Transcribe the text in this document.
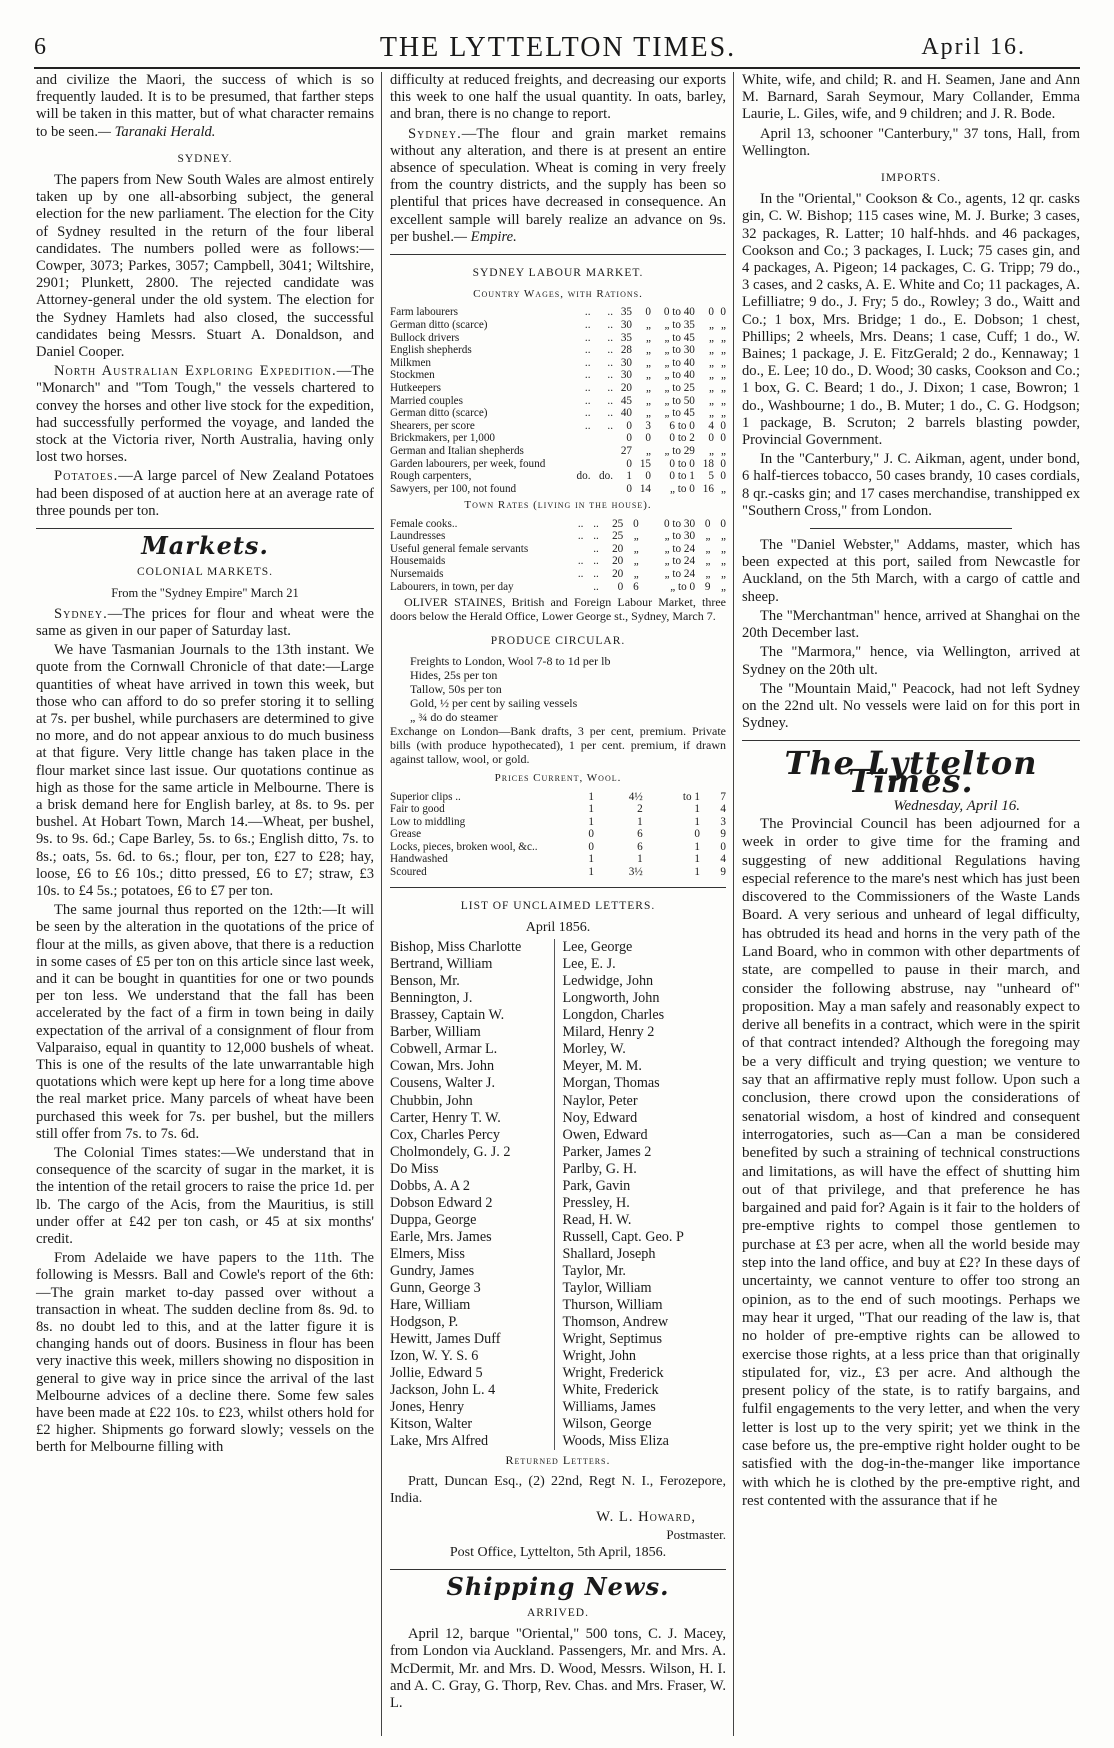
6	THE LYTTELTON TIMES.	April 16.

and civilize the Maori, the success of which is so frequently lauded. It is to be presumed, that farther steps will be taken in this matter, but of what character remains to be seen.— Taranaki Herald.

SYDNEY.

The papers from New South Wales are almost entirely taken up by one all-absorbing subject, the general election for the new parliament. The election for the City of Sydney resulted in the return of the four liberal candidates. The numbers polled were as follows:—Cowper, 3073; Parkes, 3057; Campbell, 3041; Wiltshire, 2901; Plunkett, 2800. The rejected candidate was Attorney-general under the old system. The election for the Sydney Hamlets had also closed, the successful candidates being Messrs. Stuart A. Donaldson, and Daniel Cooper.

North Australian Exploring Expedition.—The "Monarch" and "Tom Tough," the vessels chartered to convey the horses and other live stock for the expedition, had successfully performed the voyage, and landed the stock at the Victoria river, North Australia, having only lost two horses.

Potatoes.—A large parcel of New Zealand Potatoes had been disposed of at auction here at an average rate of three pounds per ton.

Markets.
COLONIAL MARKETS.
From the "Sydney Empire" March 21

Sydney.—The prices for flour and wheat were the same as given in our paper of Saturday last.

We have Tasmanian Journals to the 13th instant. We quote from the Cornwall Chronicle of that date:—Large quantities of wheat have arrived in town this week, but those who can afford to do so prefer storing it to selling at 7s. per bushel, while purchasers are determined to give no more, and do not appear anxious to do much business at that figure. Very little change has taken place in the flour market since last issue. Our quotations continue as high as those for the same article in Melbourne. There is a brisk demand here for English barley, at 8s. to 9s. per bushel. At Hobart Town, March 14.—Wheat, per bushel, 9s. to 9s. 6d.; Cape Barley, 5s. to 6s.; English ditto, 7s. to 8s.; oats, 5s. 6d. to 6s.; flour, per ton, £27 to £28; hay, loose, £6 to £6 10s.; ditto pressed, £6 to £7; straw, £3 10s. to £4 5s.; potatoes, £6 to £7 per ton.

The same journal thus reported on the 12th:—It will be seen by the alteration in the quotations of the price of flour at the mills, as given above, that there is a reduction in some cases of £5 per ton on this article since last week, and it can be bought in quantities for one or two pounds per ton less. We understand that the fall has been accelerated by the fact of a firm in town being in daily expectation of the arrival of a consignment of flour from Valparaiso, equal in quantity to 12,000 bushels of wheat. This is one of the results of the late unwarrantable high quotations which were kept up here for a long time above the real market price. Many parcels of wheat have been purchased this week for 7s. per bushel, but the millers still offer from 7s. to 7s. 6d.

The Colonial Times states:—We understand that in consequence of the scarcity of sugar in the market, it is the intention of the retail grocers to raise the price 1d. per lb. The cargo of the Acis, from the Mauritius, is still under offer at £42 per ton cash, or 45 at six months' credit.

From Adelaide we have papers to the 11th. The following is Messrs. Ball and Cowle's report of the 6th:—The grain market to-day passed over without a transaction in wheat. The sudden decline from 8s. 9d. to 8s. no doubt led to this, and at the latter figure it is changing hands out of doors. Business in flour has been very inactive this week, millers showing no disposition in general to give way in price since the arrival of the last Melbourne advices of a decline there. Some few sales have been made at £22 10s. to £23, whilst others hold for £2 higher. Shipments go forward slowly; vessels on the berth for Melbourne filling with

difficulty at reduced freights, and decreasing our exports this week to one half the usual quantity. In oats, barley, and bran, there is no change to report.

Sydney.—The flour and grain market remains without any alteration, and there is at present an entire absence of speculation. Wheat is coming in very freely from the country districts, and the supply has been so plentiful that prices have decreased in consequence. An excellent sample will barely realize an advance on 9s. per bushel.— Empire.

SYDNEY LABOUR MARKET.
Country Wages, with Rations.
Farm labourers	..	..	35	0	0 to 40	0	0
German ditto (scarce)	..	..	30	„	„ to 35	„	„
Bullock drivers	..	..	35	„	„ to 45	„	„
English shepherds	..	..	28	„	„ to 30	„	„
Milkmen	..	..	30	„	„ to 40	„	„
Stockmen	..	..	30	„	„ to 40	„	„
Hutkeepers	..	..	20	„	„ to 25	„	„
Married couples	..	..	45	„	„ to 50	„	„
German ditto (scarce)	..	..	40	„	„ to 45	„	„
Shearers, per score	..	..	0	3	6 to 0	4	0
Brickmakers, per 1,000			0	0	0 to 2	0	0
German and Italian shepherds			27	„	„ to 29	„	„
Garden labourers, per week, found			0	15	0 to 0	18	0
Rough carpenters,	do.	do.	1	0	0 to 1	5	0
Sawyers, per 100, not found			0	14	„ to 0	16	„
Town Rates (living in the house).
Female cooks..	..	..	25	0	0 to 30	0	0
Laundresses	..	..	25	„	„ to 30	„	„
Useful general female servants		..	20	„	„ to 24	„	„
Housemaids	..	..	20	„	„ to 24	„	„
Nursemaids	..	..	20	„	„ to 24	„	„
Labourers, in town, per day		..	0	6	„ to 0	9	„

OLIVER STAINES, British and Foreign Labour Market, three doors below the Herald Office, Lower George st., Sydney, March 7.

PRODUCE CIRCULAR.
Freights to London, Wool 7-8 to 1d per lb
Hides, 25s per ton
Tallow, 50s per ton
Gold, ½ per cent by sailing vessels
„ ¾ do do steamer

Exchange on London—Bank drafts, 3 per cent, premium. Private bills (with produce hypothecated), 1 per cent. premium, if drawn against tallow, wool, or gold.

Prices Current, Wool.
Superior clips ..	1	4½	to 1	7
Fair to good	1	2	1	4
Low to middling	1	1	1	3
Grease	0	6	0	9
Locks, pieces, broken wool, &c..	0	6	1	0
Handwashed	1	1	1	4
Scoured	1	3½	1	9
LIST OF UNCLAIMED LETTERS.
April 1856.
Bishop, Miss Charlotte
Bertrand, William
Benson, Mr.
Bennington, J.
Brassey, Captain W.
Barber, William
Cobwell, Armar L.
Cowan, Mrs. John
Cousens, Walter J.
Chubbin, John
Carter, Henry T. W.
Cox, Charles Percy
Cholmondely, G. J. 2
Do Miss
Dobbs, A. A 2
Dobson Edward 2
Duppa, George
Earle, Mrs. James
Elmers, Miss
Gundry, James
Gunn, George 3
Hare, William
Hodgson, P.
Hewitt, James Duff
Izon, W. Y. S. 6
Jollie, Edward 5
Jackson, John L. 4
Jones, Henry
Kitson, Walter
Lake, Mrs Alfred
Lee, George
Lee, E. J.
Ledwidge, John
Longworth, John
Longdon, Charles
Milard, Henry 2
Morley, W.
Meyer, M. M.
Morgan, Thomas
Naylor, Peter
Noy, Edward
Owen, Edward
Parker, James 2
Parlby, G. H.
Park, Gavin
Pressley, H.
Read, H. W.
Russell, Capt. Geo. P
Shallard, Joseph
Taylor, Mr.
Taylor, William
Thurson, William
Thomson, Andrew
Wright, Septimus
Wright, John
Wright, Frederick
White, Frederick
Williams, James
Wilson, George
Woods, Miss Eliza
Returned Letters.

Pratt, Duncan Esq., (2) 22nd, Regt N. I., Ferozepore, India.

W. L. Howard,
Postmaster.
Post Office, Lyttelton, 5th April, 1856.
Shipping News.
ARRIVED.

April 12, barque "Oriental," 500 tons, C. J. Macey, from London via Auckland. Passengers, Mr. and Mrs. A. McDermit, Mr. and Mrs. D. Wood, Messrs. Wilson, H. I. and A. C. Gray, G. Thorp, Rev. Chas. and Mrs. Fraser, W. L.

White, wife, and child; R. and H. Seamen, Jane and Ann M. Barnard, Sarah Seymour, Mary Collander, Emma Laurie, L. Giles, wife, and 9 children; and J. R. Bode.

April 13, schooner "Canterbury," 37 tons, Hall, from Wellington.

IMPORTS.

In the "Oriental," Cookson & Co., agents, 12 qr. casks gin, C. W. Bishop; 115 cases wine, M. J. Burke; 3 cases, 32 packages, R. Latter; 10 half-hhds. and 46 packages, Cookson and Co.; 3 packages, I. Luck; 75 cases gin, and 4 packages, A. Pigeon; 14 packages, C. G. Tripp; 79 do., 3 cases, and 2 casks, A. E. White and Co; 11 packages, A. Lefilliatre; 9 do., J. Fry; 5 do., Rowley; 3 do., Waitt and Co.; 1 box, Mrs. Bridge; 1 do., E. Dobson; 1 chest, Phillips; 2 wheels, Mrs. Deans; 1 case, Cuff; 1 do., W. Baines; 1 package, J. E. FitzGerald; 2 do., Kennaway; 1 do., E. Lee; 10 do., D. Wood; 30 casks, Cookson and Co.; 1 box, G. C. Beard; 1 do., J. Dixon; 1 case, Bowron; 1 do., Washbourne; 1 do., B. Muter; 1 do., C. G. Hodgson; 1 package, B. Scruton; 2 barrels blasting powder, Provincial Government.

In the "Canterbury," J. C. Aikman, agent, under bond, 6 half-tierces tobacco, 50 cases brandy, 10 cases cordials, 8 qr.-casks gin; and 17 cases merchandise, transhipped ex "Southern Cross," from London.

The "Daniel Webster," Addams, master, which has been expected at this port, sailed from Newcastle for Auckland, on the 5th March, with a cargo of cattle and sheep.

The "Merchantman" hence, arrived at Shanghai on the 20th December last.

The "Marmora," hence, via Wellington, arrived at Sydney on the 20th ult.

The "Mountain Maid," Peacock, had not left Sydney on the 22nd ult. No vessels were laid on for this port in Sydney.

The Lyttelton Times.
Wednesday, April 16.

The Provincial Council has been adjourned for a week in order to give time for the framing and suggesting of new additional Regulations having especial reference to the mare's nest which has just been discovered to the Commissioners of the Waste Lands Board. A very serious and unheard of legal difficulty, has obtruded its head and horns in the very path of the Land Board, who in common with other departments of state, are compelled to pause in their march, and consider the following abstruse, nay "unheard of" proposition. May a man safely and reasonably expect to derive all benefits in a contract, which were in the spirit of that contract intended? Although the foregoing may be a very difficult and trying question; we venture to say that an affirmative reply must follow. Upon such a conclusion, there crowd upon the considerations of senatorial wisdom, a host of kindred and consequent interrogatories, such as—Can a man be considered benefited by such a straining of technical constructions and limitations, as will have the effect of shutting him out of that privilege, and that preference he has bargained and paid for? Again is it fair to the holders of pre-emptive rights to compel those gentlemen to purchase at £3 per acre, when all the world beside may step into the land office, and buy at £2? In these days of uncertainty, we cannot venture to offer too strong an opinion, as to the end of such mootings. Perhaps we may hear it urged, "That our reading of the law is, that no holder of pre-emptive rights can be allowed to exercise those rights, at a less price than that originally stipulated for, viz., £3 per acre. And although the present policy of the state, is to ratify bargains, and fulfil engagements to the very letter, and when the very letter is lost up to the very spirit; yet we think in the case before us, the pre-emptive right holder ought to be satisfied with the dog-in-the-manger like importance with which he is clothed by the pre-emptive right, and rest contented with the assurance that if he
